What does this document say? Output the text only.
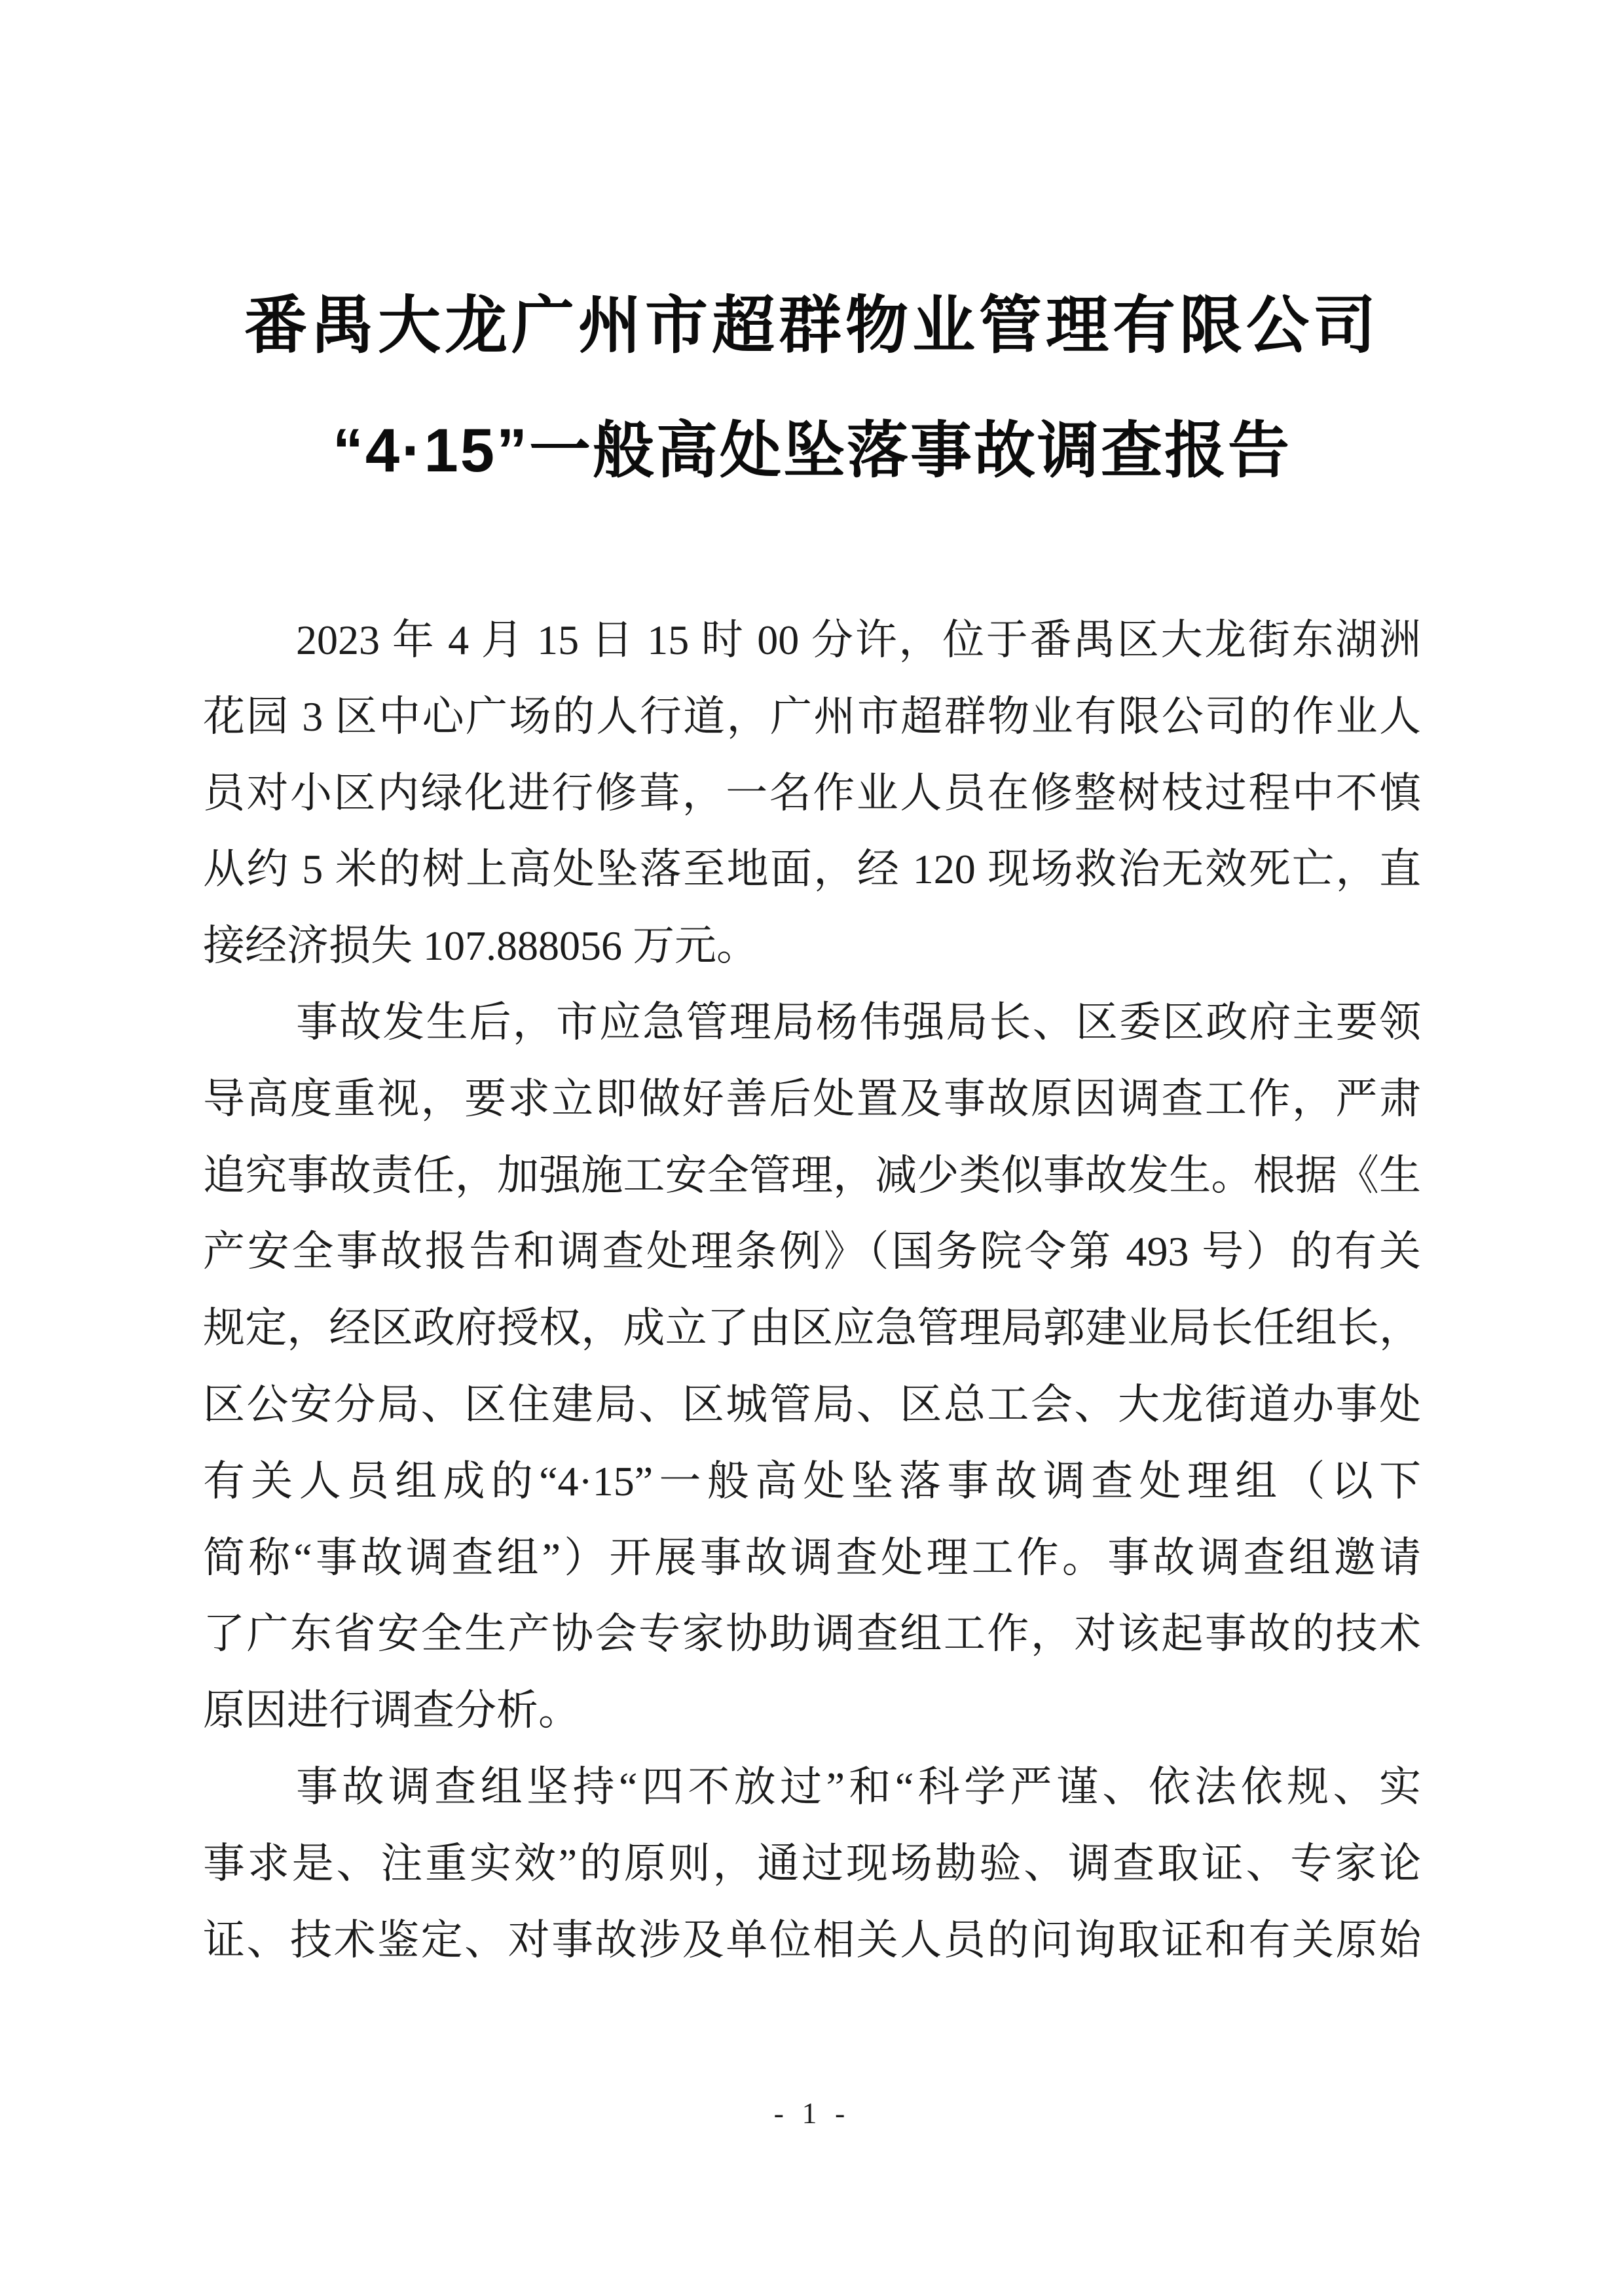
番禺大龙广州市超群物业管理有限公司
“4·15”一般高处坠落事故调查报告
2023 年 4 月 15 日 15 时 00 分许，位于番禺区大龙街东湖洲
花园 3 区中心广场的人行道，广州市超群物业有限公司的作业人
员对小区内绿化进行修葺，一名作业人员在修整树枝过程中不慎
从约 5 米的树上高处坠落至地面，经 120 现场救治无效死亡，直
接经济损失 107.888056 万元。
事故发生后，市应急管理局杨伟强局长、区委区政府主要领
导高度重视，要求立即做好善后处置及事故原因调查工作，严肃
追究事故责任，加强施工安全管理，减少类似事故发生。根据《生
产安全事故报告和调查处理条例》（国务院令第 493 号）的有关
规定，经区政府授权，成立了由区应急管理局郭建业局长任组长，
区公安分局、区住建局、区城管局、区总工会、大龙街道办事处
有关人员组成的“4·15”一般高处坠落事故调查处理组（以下
简称“事故调查组”）开展事故调查处理工作。事故调查组邀请
了广东省安全生产协会专家协助调查组工作，对该起事故的技术
原因进行调查分析。
事故调查组坚持“四不放过”和“科学严谨、依法依规、实
事求是、注重实效”的原则，通过现场勘验、调查取证、专家论
证、技术鉴定、对事故涉及单位相关人员的问询取证和有关原始
- 1 -
